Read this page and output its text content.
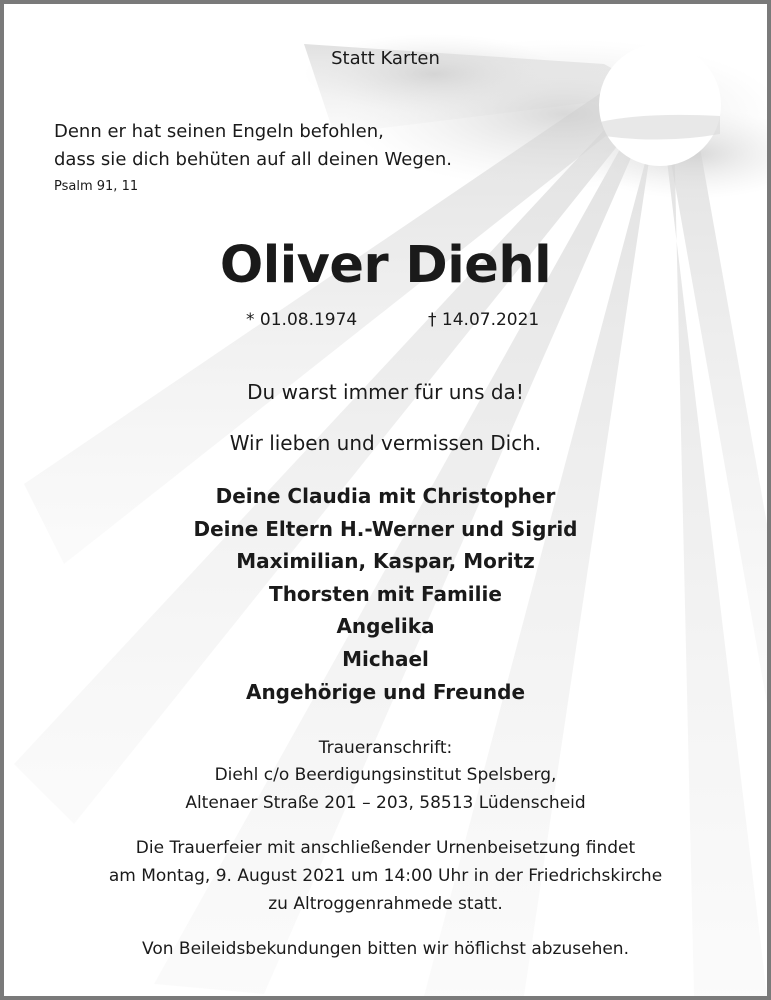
Statt Karten
Denn er hat seinen Engeln befohlen,
dass sie dich behüten auf all deinen Wegen.
Psalm 91, 11
Oliver Diehl
* 01.08.1974	† 14.07.2021
Du warst immer für uns da!
Wir lieben und vermissen Dich.
Deine Claudia mit Christopher
Deine Eltern H.-Werner und Sigrid
Maximilian, Kaspar, Moritz
Thorsten mit Familie
Angelika
Michael
Angehörige und Freunde
Traueranschrift:
Diehl c/o Beerdigungsinstitut Spelsberg,
Altenaer Straße 201 – 203, 58513 Lüdenscheid
Die Trauerfeier mit anschließender Urnenbeisetzung findet
am Montag, 9. August 2021 um 14:00 Uhr in der Friedrichskirche
zu Altroggenrahmede statt.
Von Beileidsbekundungen bitten wir höflichst abzusehen.
